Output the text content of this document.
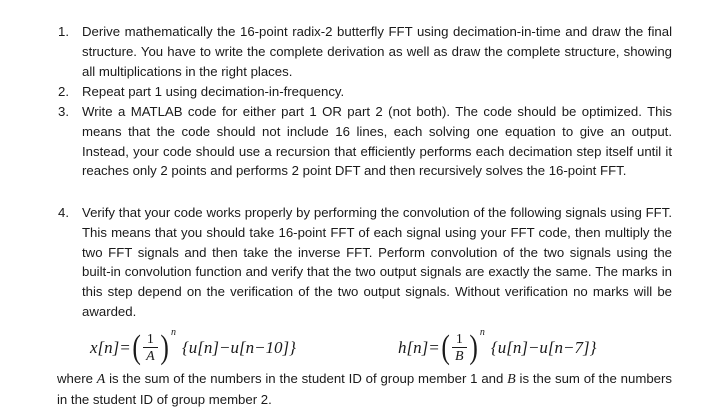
1. Derive mathematically the 16-point radix-2 butterfly FFT using decimation-in-time and draw the final structure. You have to write the complete derivation as well as draw the complete structure, showing all multiplications in the right places.
2. Repeat part 1 using decimation-in-frequency.
3. Write a MATLAB code for either part 1 OR part 2 (not both). The code should be optimized. This means that the code should not include 16 lines, each solving one equation to give an output. Instead, your code should use a recursion that efficiently performs each decimation step itself until it reaches only 2 points and performs 2 point DFT and then recursively solves the 16-point FFT.
4. Verify that your code works properly by performing the convolution of the following signals using FFT. This means that you should take 16-point FFT of each signal using your FFT code, then multiply the two FFT signals and then take the inverse FFT. Perform convolution of the two signals using the built-in convolution function and verify that the two output signals are exactly the same. The marks in this step depend on the verification of the two output signals. Without verification no marks will be awarded.
x[n]= ( $\frac{1}{A}$ ) n
{u[n]−u[n−10]}	h[n]= ( $\frac{1}{B}$ ) n
{u[n]−u[n−7]}
where A is the sum of the numbers in the student ID of group member 1 and B is the sum of the numbers in the student ID of group member 2.
